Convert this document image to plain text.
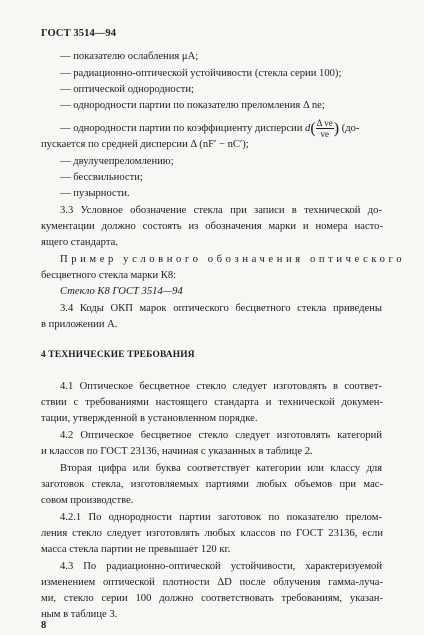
ГОСТ 3514—94
— показателю ослабления μA;
— радиационно-оптической устойчивости (стекла серии 100);
— оптической однородности;
— однородности партии по показателю преломления Δ ne;
— однородности партии по коэффициенту дисперсии $d( \frac{\text{Δ ve}}{ve}$ ) (до-
пускается по средней дисперсии Δ (nF′ − nC′);
— двулучепреломлению;
— бессвильности;
— пузырности.
3.3 Условное обозначение стекла при записи в технической до-
кументации должно состоять из обозначения марки и номера насто-
ящего стандарта.
Пример условного обозначения оптического
бесцветного стекла марки К8:
Стекло К8 ГОСТ 3514—94
3.4 Коды ОКП марок оптического бесцветного стекла приведены
в приложении А.
4 ТЕХНИЧЕСКИЕ ТРЕБОВАНИЯ
4.1 Оптическое бесцветное стекло следует изготовлять в соответ-
ствии с требованиями настоящего стандарта и технической докумен-
тации, утвержденной в установленном порядке.
4.2 Оптическое бесцветное стекло следует изготовлять категорий
и классов по ГОСТ 23136, начиная с указанных в таблице 2.
Вторая цифра или буква соответствует категории или классу для
заготовок стекла, изготовляемых партиями любых объемов при мас-
совом производстве.
4.2.1 По однородности партии заготовок по показателю прелом-
ления стекло следует изготовлять любых классов по ГОСТ 23136, если
масса стекла партии не превышает 120 кг.
4.3 По радиационно-оптической устойчивости, характеризуемой
изменением оптической плотности ΔD после облучения гамма-луча-
ми, стекло серии 100 должно соответствовать требованиям, указан-
ным в таблице 3.
8
